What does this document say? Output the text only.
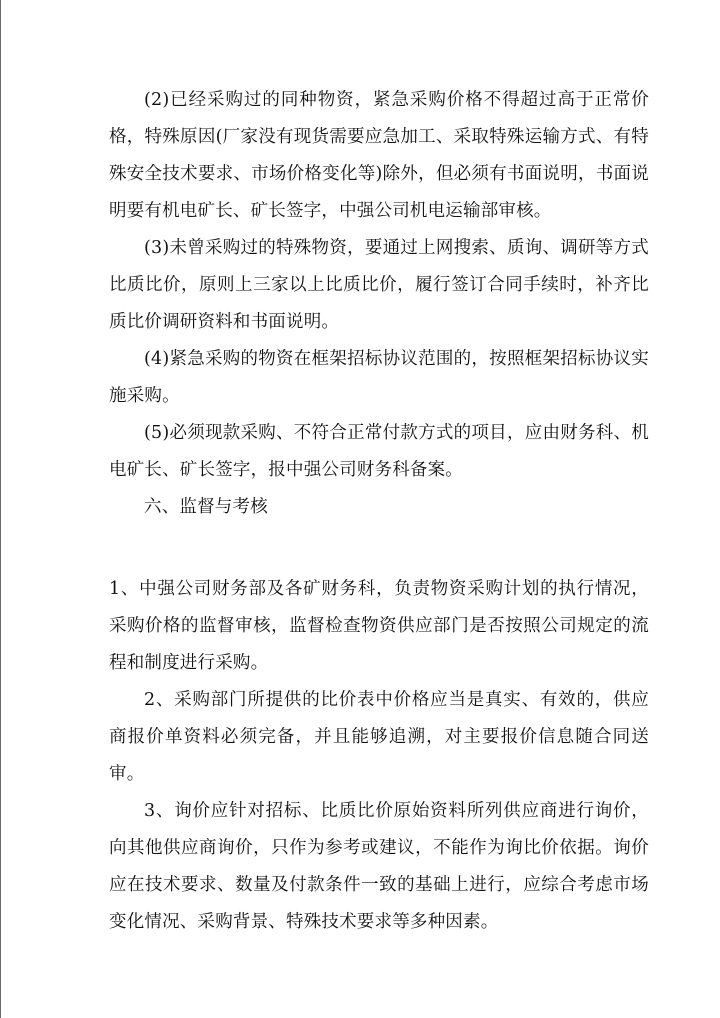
(2)已经采购过的同种物资，紧急采购价格不得超过高于正常价格，特殊原因(厂家没有现货需要应急加工、采取特殊运输方式、有特殊安全技术要求、市场价格变化等)除外，但必须有书面说明，书面说明要有机电矿长、矿长签字，中强公司机电运输部审核。

(3)未曾采购过的特殊物资，要通过上网搜索、质询、调研等方式比质比价，原则上三家以上比质比价，履行签订合同手续时，补齐比质比价调研资料和书面说明。

(4)紧急采购的物资在框架招标协议范围的，按照框架招标协议实施采购。

(5)必须现款采购、不符合正常付款方式的项目，应由财务科、机电矿长、矿长签字，报中强公司财务科备案。

六、监督与考核

1、中强公司财务部及各矿财务科，负责物资采购计划的执行情况，采购价格的监督审核，监督检查物资供应部门是否按照公司规定的流程和制度进行采购。

2、采购部门所提供的比价表中价格应当是真实、有效的，供应商报价单资料必须完备，并且能够追溯，对主要报价信息随合同送审。

3、询价应针对招标、比质比价原始资料所列供应商进行询价，向其他供应商询价，只作为参考或建议，不能作为询比价依据。询价应在技术要求、数量及付款条件一致的基础上进行，应综合考虑市场变化情况、采购背景、特殊技术要求等多种因素。
